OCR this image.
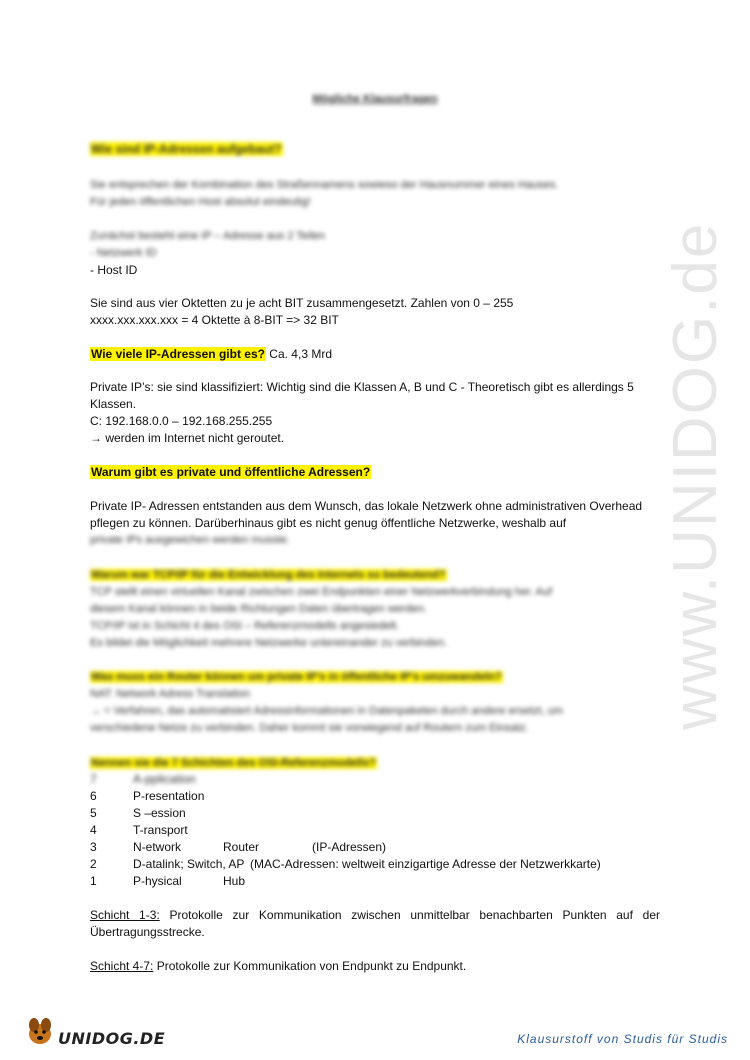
www.UNIDOG.de
Mögliche Klausurfragen
Wie sind IP-Adressen aufgebaut?
Sie entsprechen der Kombination des Straßennamens sowieso der Hausnummer eines Hauses.
Für jeden öffentlichen Host absolut eindeutig!
Zunächst besteht eine IP – Adresse aus 2 Teilen
- Netzwerk ID
- Host ID
Sie sind aus vier Oktetten zu je acht BIT zusammengesetzt. Zahlen von 0 – 255
xxxx.xxx.xxx.xxx = 4 Oktette à 8-BIT => 32 BIT
Wie viele IP-Adressen gibt es? Ca. 4,3 Mrd
Private IP’s: sie sind klassifiziert: Wichtig sind die Klassen A, B und C - Theoretisch gibt es allerdings 5 Klassen.
C: 192.168.0.0 – 192.168.255.255
→ werden im Internet nicht geroutet.
Warum gibt es private und öffentliche Adressen?
Private IP- Adressen entstanden aus dem Wunsch, das lokale Netzwerk ohne administrativen Overhead pflegen zu können. Darüberhinaus gibt es nicht genug öffentliche Netzwerke, weshalb auf
private IPs ausgewichen werden musste.
Warum war TCP/IP für die Entwicklung des Internets so bedeutend?
TCP stellt einen virtuellen Kanal zwischen zwei Endpunkten einer Netzwerkverbindung her. Auf
diesem Kanal können in beide Richtungen Daten übertragen werden.
TCP/IP ist in Schicht 4 des OSI – Referenzmodells angesiedelt.
Es bildet die Möglichkeit mehrere Netzwerke untereinander zu verbinden.
Was muss ein Router können um private IP’s in öffentliche IP’s umzuwandeln?
NAT: Network Adress Translation
→ = Verfahren, das automatisiert Adressinformationen in Datenpaketen durch andere ersetzt, um
verschiedene Netze zu verbinden. Daher kommt sie vorwiegend auf Routern zum Einsatz.
Nennen sie die 7 Schichten des OSI-Referenzmodells?
7	A-pplication
6	P-resentation
5	S –ession
4	T-ransport
3	N-etwork	Router	(IP-Adressen)
2	D-atalink; Switch, AP (MAC-Adressen: weltweit einzigartige Adresse der Netzwerkkarte)
1	P-hysical	Hub
Schicht 1-3: Protokolle zur Kommunikation zwischen unmittelbar benachbarten Punkten auf der Übertragungsstrecke.
Schicht 4-7: Protokolle zur Kommunikation von Endpunkt zu Endpunkt.
UNIDOG.DE	Klausurstoff von Studis für Studis
